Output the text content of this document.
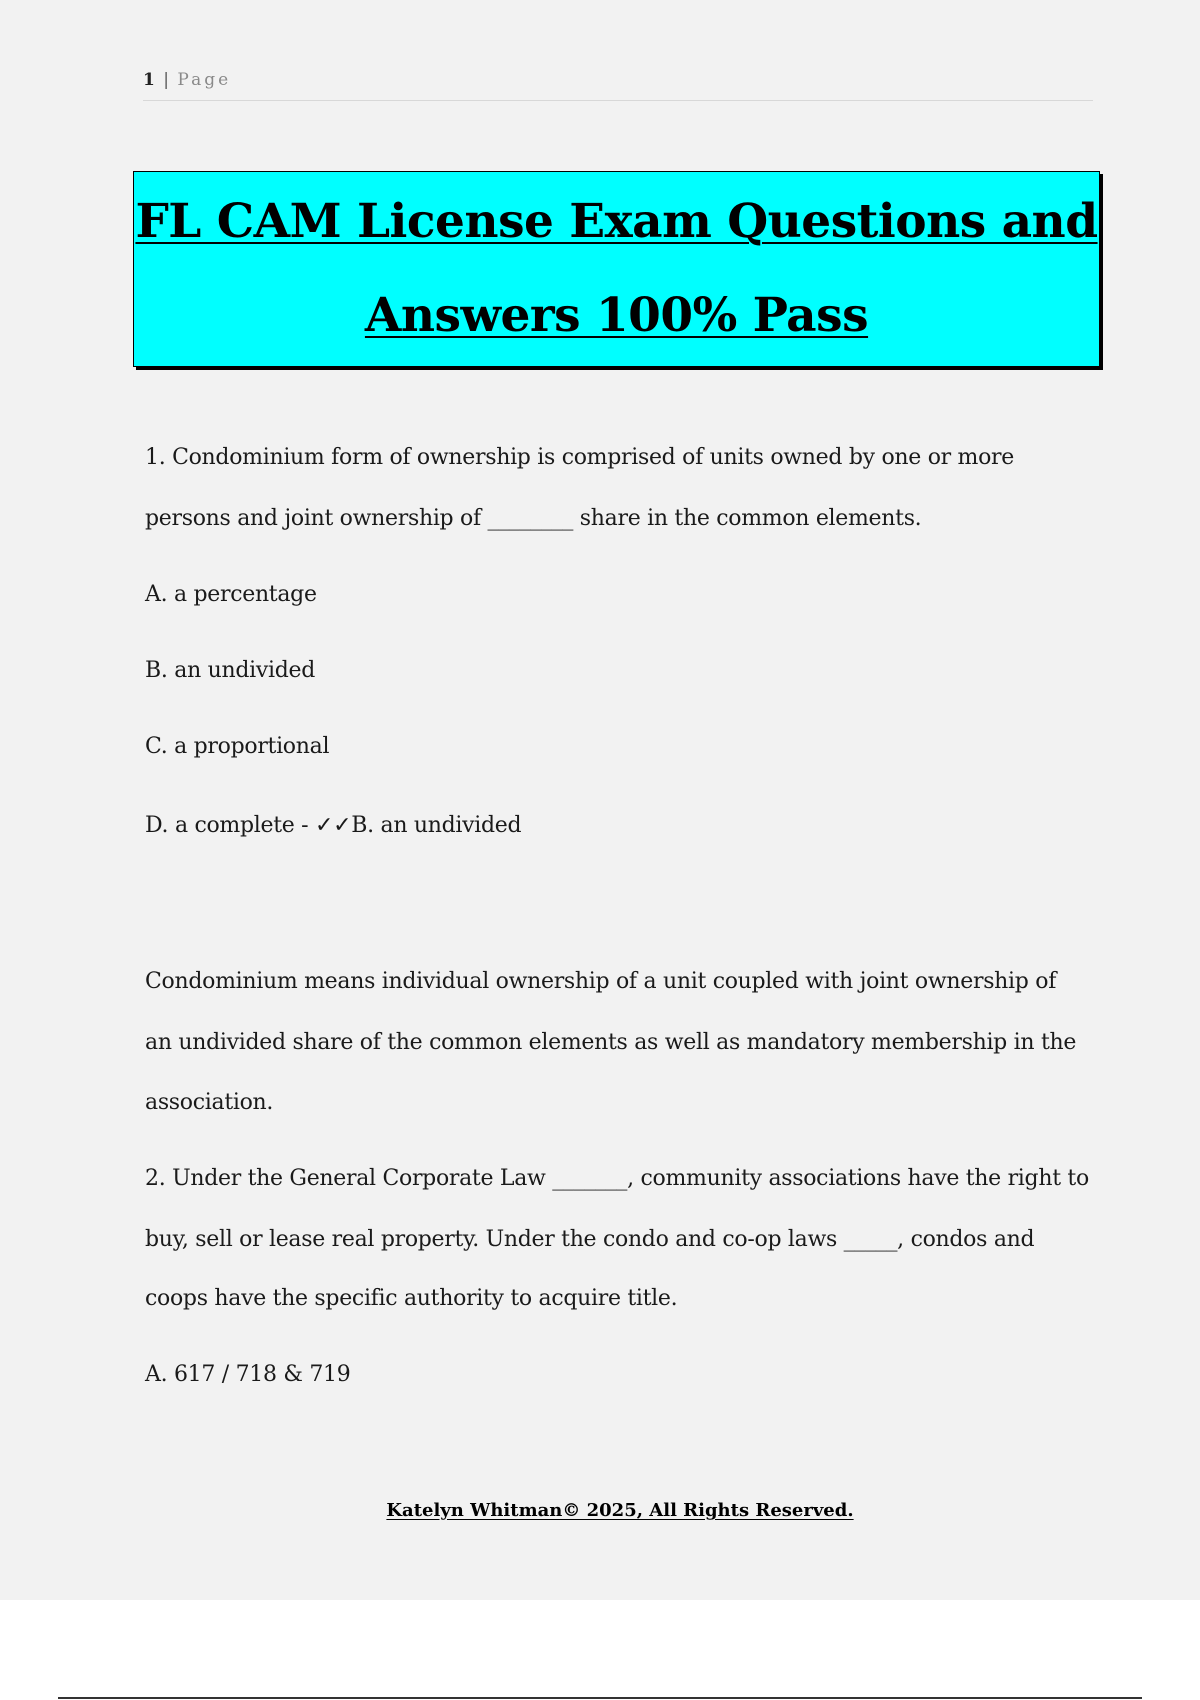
1 | Page
FL CAM License Exam Questions and
Answers 100% Pass
1. Condominium form of ownership is comprised of units owned by one or more
persons and joint ownership of ________ share in the common elements.
A. a percentage
B. an undivided
C. a proportional
D. a complete - ✓✓B. an undivided
Condominium means individual ownership of a unit coupled with joint ownership of
an undivided share of the common elements as well as mandatory membership in the
association.
2. Under the General Corporate Law _______, community associations have the right to
buy, sell or lease real property. Under the condo and co-op laws _____, condos and
coops have the specific authority to acquire title.
A. 617 / 718 & 719
Katelyn Whitman© 2025, All Rights Reserved.
